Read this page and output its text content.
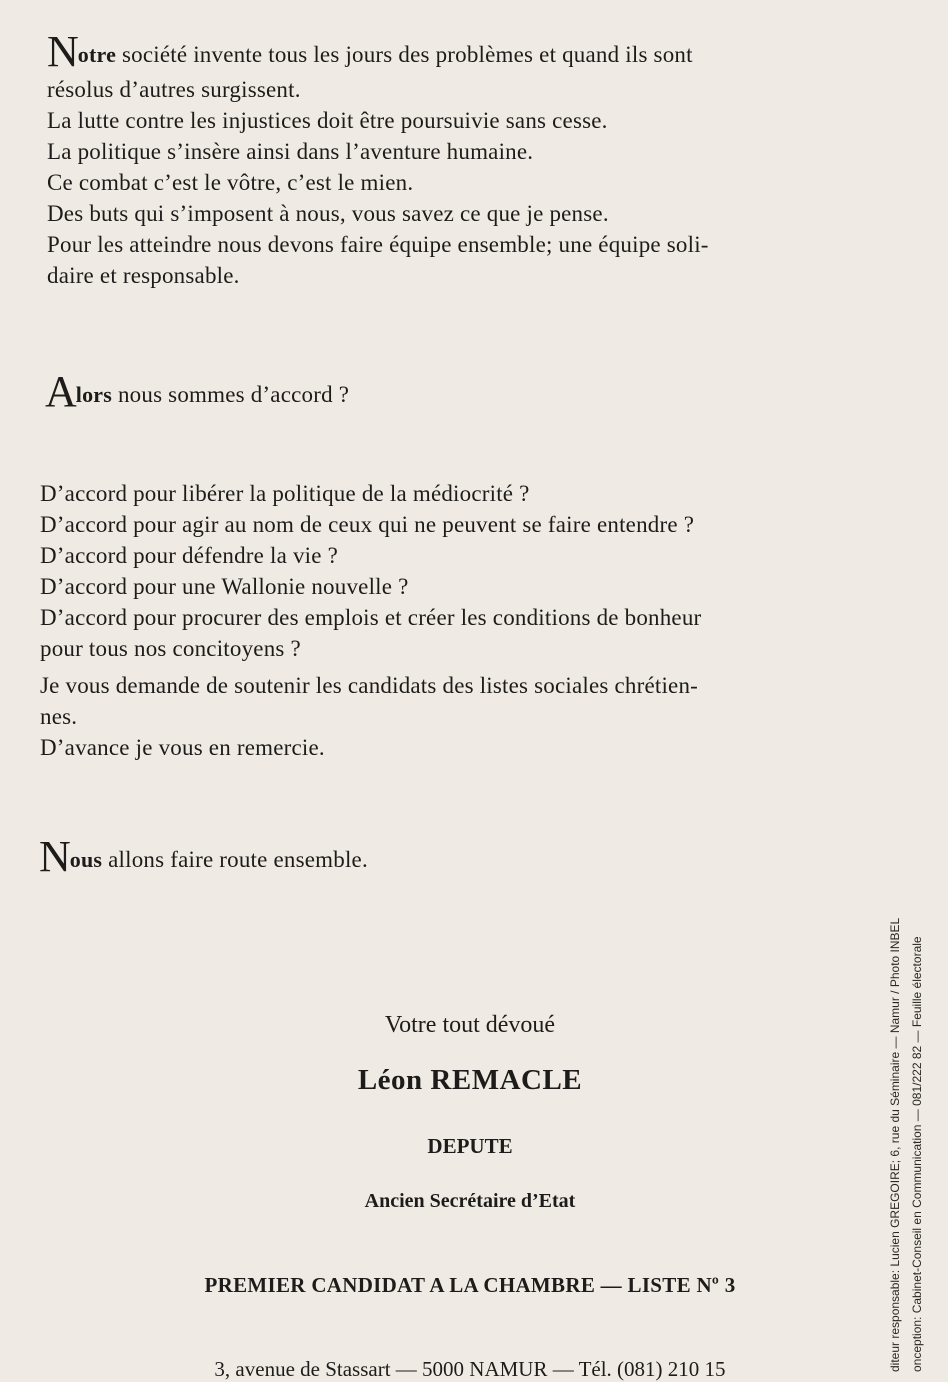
Notre société invente tous les jours des problèmes et quand ils sont
résolus d’autres surgissent.
La lutte contre les injustices doit être poursuivie sans cesse.
La politique s’insère ainsi dans l’aventure humaine.
Ce combat c’est le vôtre, c’est le mien.
Des buts qui s’imposent à nous, vous savez ce que je pense.
Pour les atteindre nous devons faire équipe ensemble; une équipe soli-
daire et responsable.
Alors nous sommes d’accord ?
D’accord pour libérer la politique de la médiocrité ?
D’accord pour agir au nom de ceux qui ne peuvent se faire entendre ?
D’accord pour défendre la vie ?
D’accord pour une Wallonie nouvelle ?
D’accord pour procurer des emplois et créer les conditions de bonheur
pour tous nos concitoyens ?
Je vous demande de soutenir les candidats des listes sociales chrétien-
nes.
D’avance je vous en remercie.
Nous allons faire route ensemble.
Votre tout dévoué
Léon REMACLE
DEPUTE
Ancien Secrétaire d’Etat
PREMIER CANDIDAT A LA CHAMBRE — LISTE Nº 3
3, avenue de Stassart — 5000 NAMUR — Tél. (081) 210 15	diteur responsable: Lucien GREGOIRE; 6, rue du Séminaire — Namur / Photo INBEL onception: Cabinet-Conseil en Communication — 081/222 82 — Feuille électorale
